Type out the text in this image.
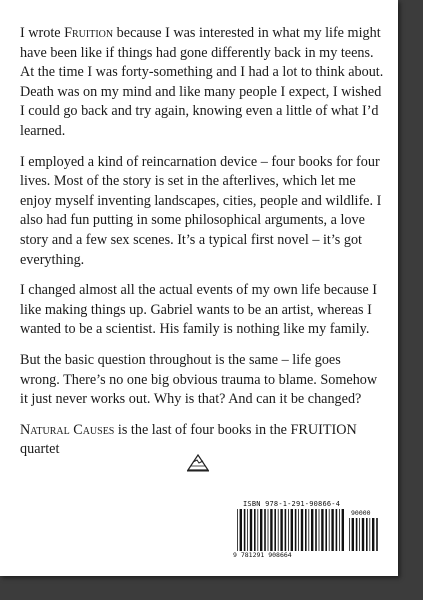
I wrote Fruition because I was interested in what my life might have been like if things had gone differently back in my teens. At the time I was forty-something and I had a lot to think about. Death was on my mind and like many people I expect, I wished I could go back and try again, knowing even a little of what I’d learned.

I employed a kind of reincarnation device – four books for four lives. Most of the story is set in the afterlives, which let me enjoy myself inventing landscapes, cities, people and wildlife. I also had fun putting in some philosophical arguments, a love story and a few sex scenes. It’s a typical first novel – it’s got everything.

I changed almost all the actual events of my own life because I like making things up. Gabriel wants to be an artist, whereas I wanted to be a scientist. His family is nothing like my family.

But the basic question throughout is the same – life goes wrong. There’s no one big obvious trauma to blame. Somehow it just never works out. Why is that? And can it be changed?

Natural Causes is the last of four books in the FRUITION quartet

ISBN 978-1-291-90866-4
9 781291 908664
90000
